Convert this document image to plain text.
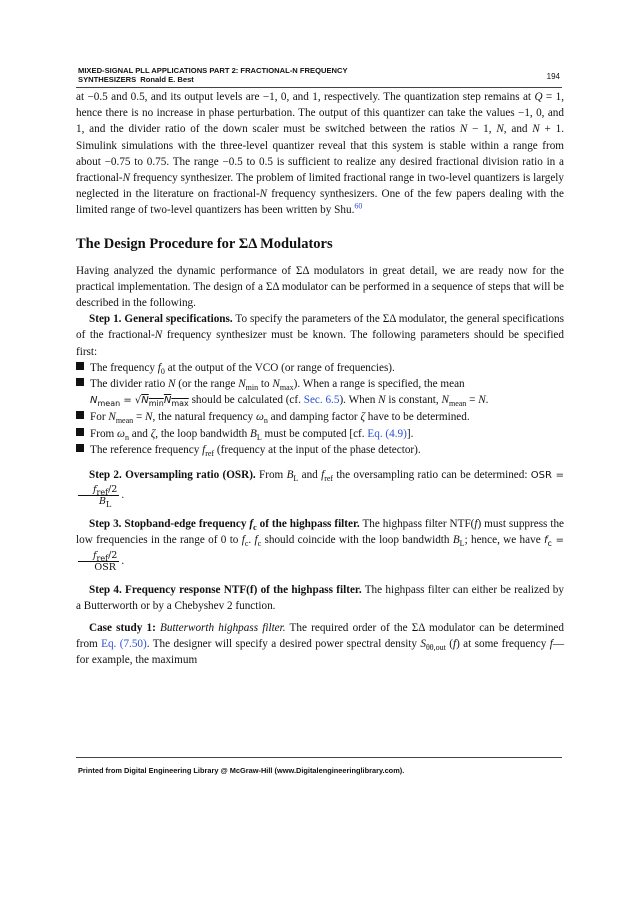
MIXED-SIGNAL PLL APPLICATIONS PART 2: FRACTIONAL-N FREQUENCY
SYNTHESIZERS Ronald E. Best	194

at −0.5 and 0.5, and its output levels are −1, 0, and 1, respectively. The quantization step remains at Q = 1, hence there is no increase in phase perturbation. The output of this quantizer can take the values −1, 0, and 1, and the divider ratio of the down scaler must be switched between the ratios N − 1, N, and N + 1. Simulink simulations with the three-level quantizer reveal that this system is stable within a range from about −0.75 to 0.75. The range −0.5 to 0.5 is sufficient to realize any desired fractional division ratio in a fractional-N frequency synthesizer. The problem of limited fractional range in two-level quantizers is largely neglected in the literature on fractional-N frequency synthesizers. One of the few papers dealing with the limited range of two-level quantizers has been written by Shu.$^{60}$

The Design Procedure for ΣΔ Modulators

Having analyzed the dynamic performance of ΣΔ modulators in great detail, we are ready now for the practical implementation. The design of a ΣΔ modulator can be performed in a sequence of steps that will be described in the following.

Step 1. General specifications. To specify the parameters of the ΣΔ modulator, the general specifications of the fractional-N frequency synthesizer must be known. The following parameters should be specified first:

The frequency $f_0$ at the output of the VCO (or range of frequencies).
The divider ratio N (or the range $N_{min}$ to $N_{max}$). When a range is specified, the mean

$N_{mean} = √N_{min}N_{max}$ should be calculated (cf. Sec. 6.5). When N is constant, $N_{mean} = N$.

For $N_{mean} = N$, the natural frequency $\omega_n$ and damping factor ζ have to be determined.
From $\omega_n$ and ζ, the loop bandwidth $B_L$ must be computed [cf. Eq. (4.9)].
The reference frequency $f_{ref}$ (frequency at the input of the phase detector).

Step 2. Oversampling ratio (OSR). From $B_L$ and $f_{ref}$ the oversampling ratio can be determined: OSR =
$\frac{f_{ref}/2}{B_L}$ .

Step 3. Stopband-edge frequency $f_c$ of the highpass filter. The highpass filter NTF(f) must suppress the low frequencies in the range of 0 to $f_c$. $f_c$ should coincide with the loop bandwidth $B_L$; hence, we have $f_c$ =
$\frac{f_{ref}/2}{\text{OSR}}$ .

Step 4. Frequency response NTF(f) of the highpass filter. The highpass filter can either be realized by a Butterworth or by a Chebyshev 2 function.

Case study 1: Butterworth highpass filter. The required order of the ΣΔ modulator can be determined from Eq. (7.50). The designer will specify a desired power spectral density $S_{\theta\theta,out}$ (f) at some frequency f—for example, the maximum

Printed from Digital Engineering Library @ McGraw-Hill (www.Digitalengineeringlibrary.com).
